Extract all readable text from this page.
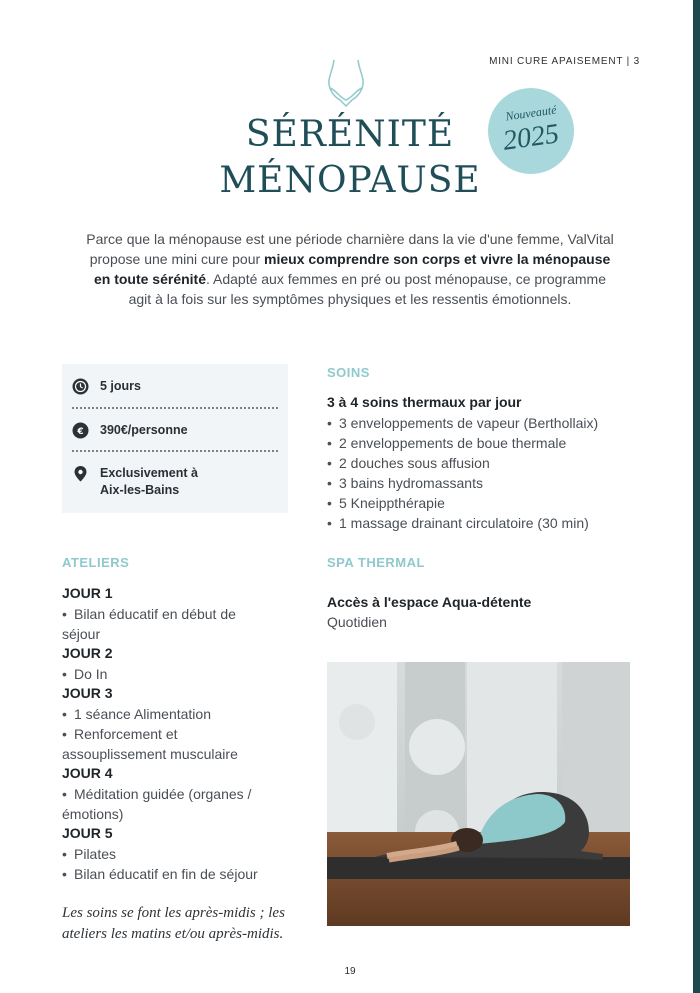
MINI CURE APAISEMENT | 3
SÉRÉNITÉ
MÉNOPAUSE
Nouveauté
2025

Parce que la ménopause est une période charnière dans la vie d'une femme, ValVital propose une mini cure pour mieux comprendre son corps et vivre la ménopause en toute sérénité. Adapté aux femmes en pré ou post ménopause, ce programme agit à la fois sur les symptômes physiques et les ressentis émotionnels.

5 jours
€ 390€/personne
Exclusivement à
Aix-les-Bains
SOINS
3 à 4 soins thermaux par jour
• 3 enveloppements de vapeur (Berthollaix)
• 2 enveloppements de boue thermale
• 2 douches sous affusion
• 3 bains hydromassants
• 5 Kneippthérapie
• 1 massage drainant circulatoire (30 min)
ATELIERS
JOUR 1
• Bilan éducatif en début de
séjour
JOUR 2
• Do In
JOUR 3
• 1 séance Alimentation
• Renforcement et
assouplissement musculaire
JOUR 4
• Méditation guidée (organes /
émotions)
JOUR 5
• Pilates
• Bilan éducatif en fin de séjour
SPA THERMAL
Accès à l'espace Aqua-détente
Quotidien
Les soins se font les après-midis ; les
ateliers les matins et/ou après-midis.
19
